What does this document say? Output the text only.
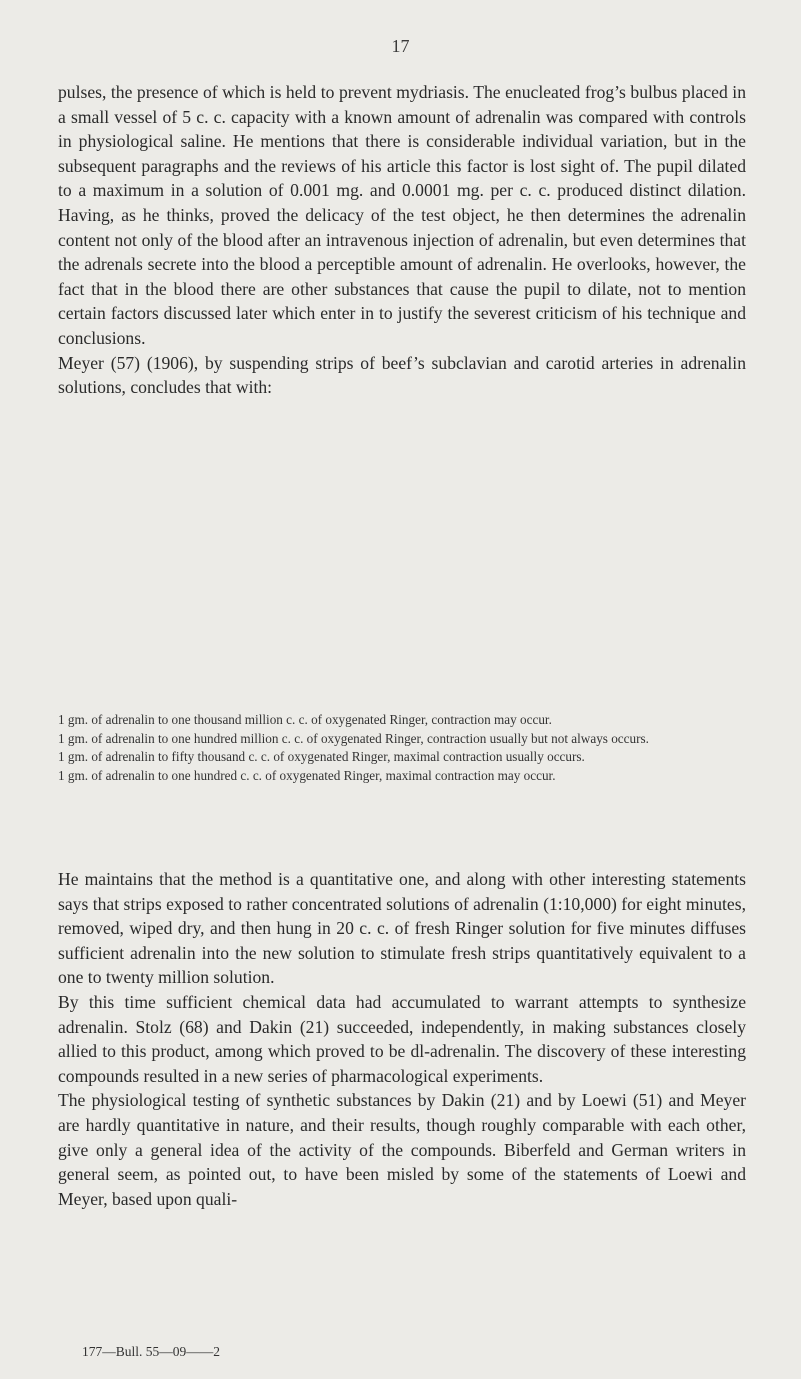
17

pulses, the presence of which is held to prevent mydriasis. The enucleated frog’s bulbus placed in a small vessel of 5 c. c. capacity with a known amount of adrenalin was compared with controls in physiological saline. He mentions that there is considerable individual variation, but in the subsequent paragraphs and the reviews of his article this factor is lost sight of. The pupil dilated to a maximum in a solution of 0.001 mg. and 0.0001 mg. per c. c. produced distinct dilation. Having, as he thinks, proved the delicacy of the test object, he then determines the adrenalin content not only of the blood after an intravenous injection of adrenalin, but even determines that the adrenals secrete into the blood a perceptible amount of adrenalin. He overlooks, however, the fact that in the blood there are other substances that cause the pupil to dilate, not to mention certain factors discussed later which enter in to justify the severest criticism of his technique and conclusions.

Meyer (57) (1906), by suspending strips of beef’s subclavian and carotid arteries in adrenalin solutions, concludes that with:

1 gm. of adrenalin to one thousand million c. c. of oxygenated Ringer, contraction may occur.

1 gm. of adrenalin to one hundred million c. c. of oxygenated Ringer, contraction usually but not always occurs.

1 gm. of adrenalin to fifty thousand c. c. of oxygenated Ringer, maximal contraction usually occurs.

1 gm. of adrenalin to one hundred c. c. of oxygenated Ringer, maximal contraction may occur.

He maintains that the method is a quantitative one, and along with other interesting statements says that strips exposed to rather concentrated solutions of adrenalin (1:10,000) for eight minutes, removed, wiped dry, and then hung in 20 c. c. of fresh Ringer solution for five minutes diffuses sufficient adrenalin into the new solution to stimulate fresh strips quantitatively equivalent to a one to twenty million solution.

By this time sufficient chemical data had accumulated to warrant attempts to synthesize adrenalin. Stolz (68) and Dakin (21) succeeded, independently, in making substances closely allied to this product, among which proved to be dl-adrenalin. The discovery of these interesting compounds resulted in a new series of pharmacological experiments.

The physiological testing of synthetic substances by Dakin (21) and by Loewi (51) and Meyer are hardly quantitative in nature, and their results, though roughly comparable with each other, give only a general idea of the activity of the compounds. Biberfeld and German writers in general seem, as pointed out, to have been misled by some of the statements of Loewi and Meyer, based upon quali-

177—Bull. 55—09——2
